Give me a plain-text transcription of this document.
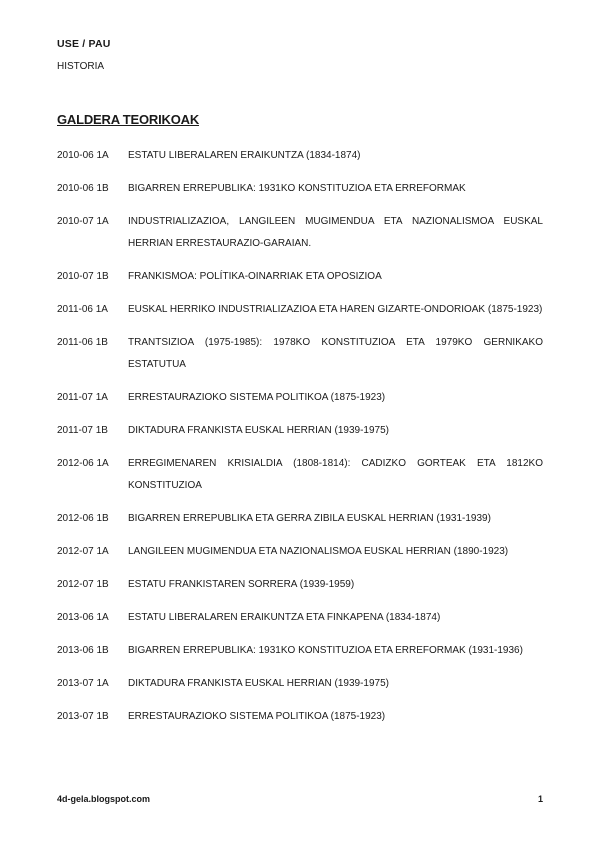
USE / PAU
HISTORIA
GALDERA TEORIKOAK
2010-06 1A	ESTATU LIBERALAREN ERAIKUNTZA (1834-1874)
2010-06 1B	BIGARREN ERREPUBLIKA: 1931KO KONSTITUZIOA ETA ERREFORMAK
2010-07 1A	INDUSTRIALIZAZIOA, LANGILEEN MUGIMENDUA ETA NAZIONALISMOA EUSKAL HERRIAN ERRESTAURAZIO-GARAIAN.
2010-07 1B	FRANKISMOA: POLÍTIKA-OINARRIAK ETA OPOSIZIOA
2011-06 1A	EUSKAL HERRIKO INDUSTRIALIZAZIOA ETA HAREN GIZARTE-ONDORIOAK (1875-1923)
2011-06 1B	TRANTSIZIOA (1975-1985): 1978KO KONSTITUZIOA ETA 1979KO GERNIKAKO ESTATUTUA
2011-07 1A	ERRESTAURAZIOKO SISTEMA POLITIKOA (1875-1923)
2011-07 1B	DIKTADURA FRANKISTA EUSKAL HERRIAN (1939-1975)
2012-06 1A	ERREGIMENAREN KRISIALDIA (1808-1814): CADIZKO GORTEAK ETA 1812KO KONSTITUZIOA
2012-06 1B	BIGARREN ERREPUBLIKA ETA GERRA ZIBILA EUSKAL HERRIAN (1931-1939)
2012-07 1A	LANGILEEN MUGIMENDUA ETA NAZIONALISMOA EUSKAL HERRIAN (1890-1923)
2012-07 1B	ESTATU FRANKISTAREN SORRERA (1939-1959)
2013-06 1A	ESTATU LIBERALAREN ERAIKUNTZA ETA FINKAPENA (1834-1874)
2013-06 1B	BIGARREN ERREPUBLIKA: 1931KO KONSTITUZIOA ETA ERREFORMAK (1931-1936)
2013-07 1A	DIKTADURA FRANKISTA EUSKAL HERRIAN (1939-1975)
2013-07 1B	ERRESTAURAZIOKO SISTEMA POLITIKOA (1875-1923)
4d-gela.blogspot.com	1
